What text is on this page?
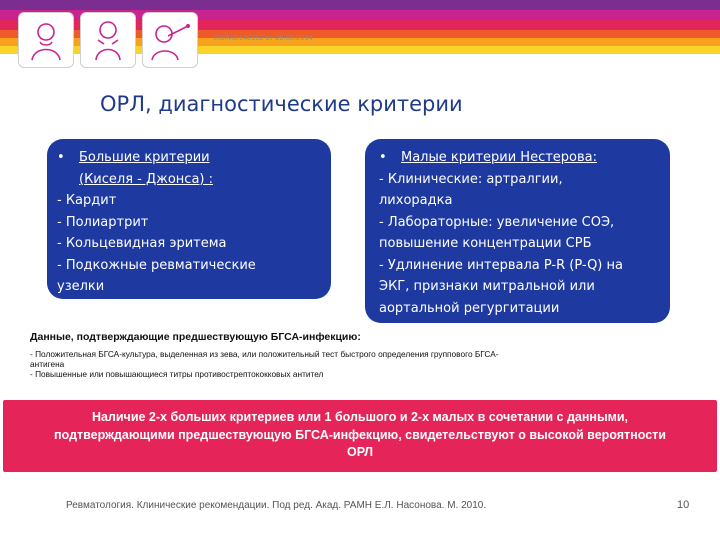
RU/MD140992 от 28.08.2014
ОРЛ, диагностические критерии
•	Большие критерии
(Киселя - Джонса) :
- Кардит
- Полиартрит
- Кольцевидная эритема
- Подкожные ревматические
узелки
•	Малые критерии Нестерова:
- Клинические: артралгии,
лихорадка
- Лабораторные: увеличение СОЭ,
повышение концентрации СРБ
- Удлинение интервала P-R (P-Q) на
ЭКГ, признаки митральной или
аортальной регургитации
Данные, подтверждающие предшествующую БГСА-инфекцию:
- Положительная БГСА-культура, выделенная из зева, или положительный тест быстрого определения группового БГСА-
антигена
- Повышенные или повышающиеся титры противострептококковых антител
Наличие 2-х больших критериев или 1 большого и 2-х малых в сочетании с данными,
подтверждающими предшествующую БГСА-инфекцию, свидетельствуют о высокой вероятности
ОРЛ
Ревматология. Клинические рекомендации. Под ред. Акад. РАМН Е.Л. Насонова. М. 2010.	10
